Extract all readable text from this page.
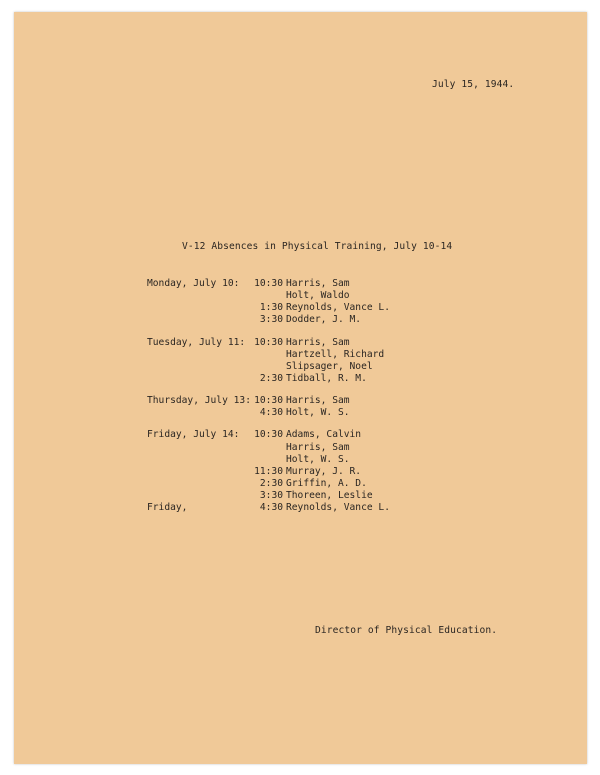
July 15, 1944.
V-12 Absences in Physical Training, July 10-14
Monday, July 10:	10:30 Harris, Sam
Holt, Waldo
1:30 Reynolds, Vance L.
3:30 Dodder, J. M.
Tuesday, July 11: 10:30 Harris, Sam
Hartzell, Richard
Slipsager, Noel
2:30 Tidball, R. M.
Thursday, July 13: 10:30 Harris, Sam
4:30 Holt, W. S.
Friday, July 14:	10:30 Adams, Calvin
Harris, Sam
Holt, W. S.
11:30 Murray, J. R.
2:30 Griffin, A. D.
3:30 Thoreen, Leslie
Friday,	4:30 Reynolds, Vance L.
Director of Physical Education.
